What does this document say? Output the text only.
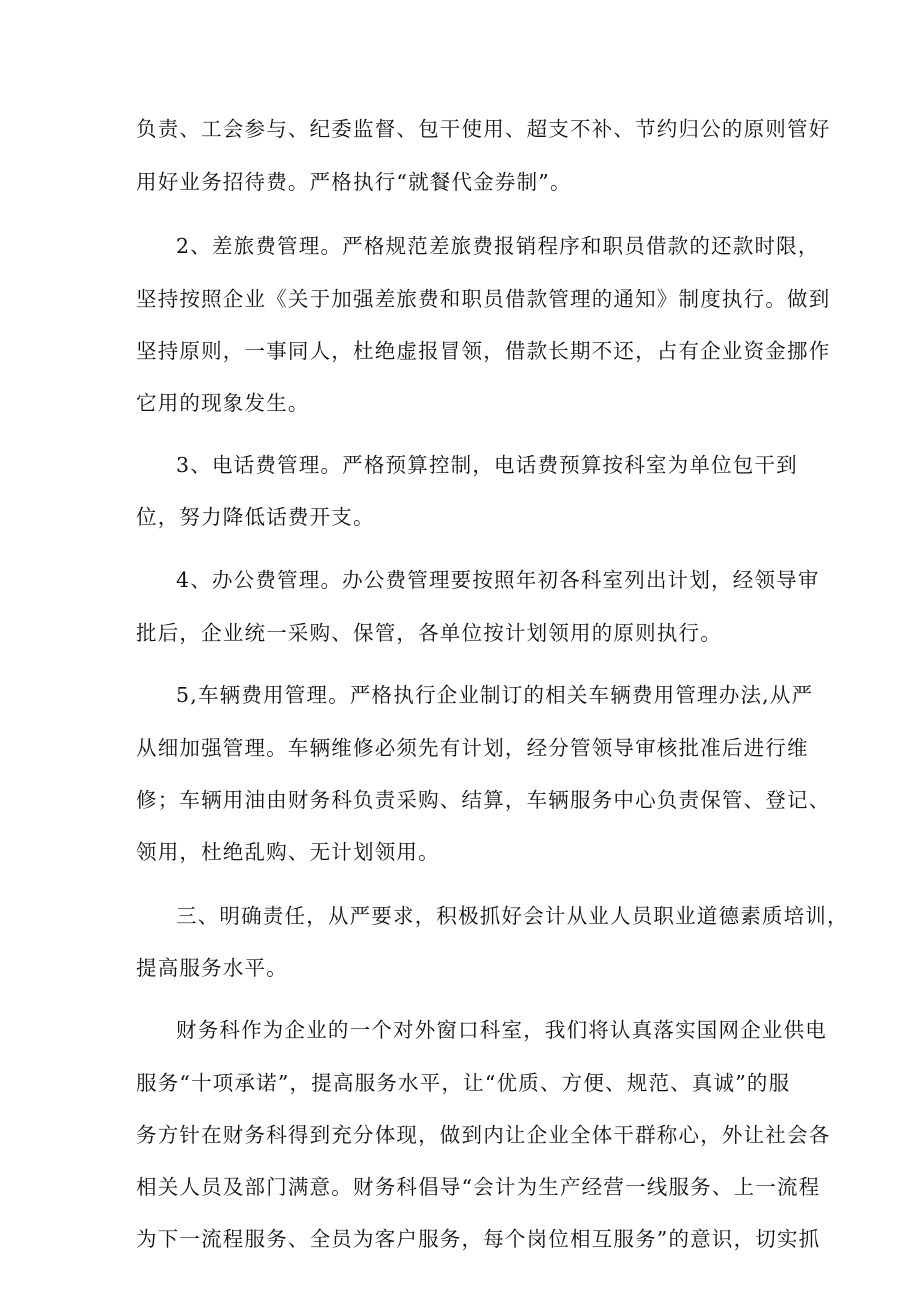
负责、工会参与、纪委监督、包干使用、超支不补、节约归公的原则管好
用好业务招待费。严格执行“就餐代金券制”。
2、差旅费管理。严格规范差旅费报销程序和职员借款的还款时限，
坚持按照企业《关于加强差旅费和职员借款管理的通知》制度执行。做到
坚持原则，一事同人，杜绝虚报冒领，借款长期不还，占有企业资金挪作
它用的现象发生。
3、电话费管理。严格预算控制，电话费预算按科室为单位包干到
位，努力降低话费开支。
4、办公费管理。办公费管理要按照年初各科室列出计划，经领导审
批后，企业统一采购、保管，各单位按计划领用的原则执行。
5,车辆费用管理。严格执行企业制订的相关车辆费用管理办法,从严
从细加强管理。车辆维修必须先有计划，经分管领导审核批准后进行维
修；车辆用油由财务科负责采购、结算，车辆服务中心负责保管、登记、
领用，杜绝乱购、无计划领用。
三、明确责任，从严要求，积极抓好会计从业人员职业道德素质培训，
提高服务水平。
财务科作为企业的一个对外窗口科室，我们将认真落实国网企业供电
服务“十项承诺”，提高服务水平，让“优质、方便、规范、真诚”的服
务方针在财务科得到充分体现，做到内让企业全体干群称心，外让社会各
相关人员及部门满意。财务科倡导“会计为生产经营一线服务、上一流程
为下一流程服务、全员为客户服务，每个岗位相互服务”的意识，切实抓
